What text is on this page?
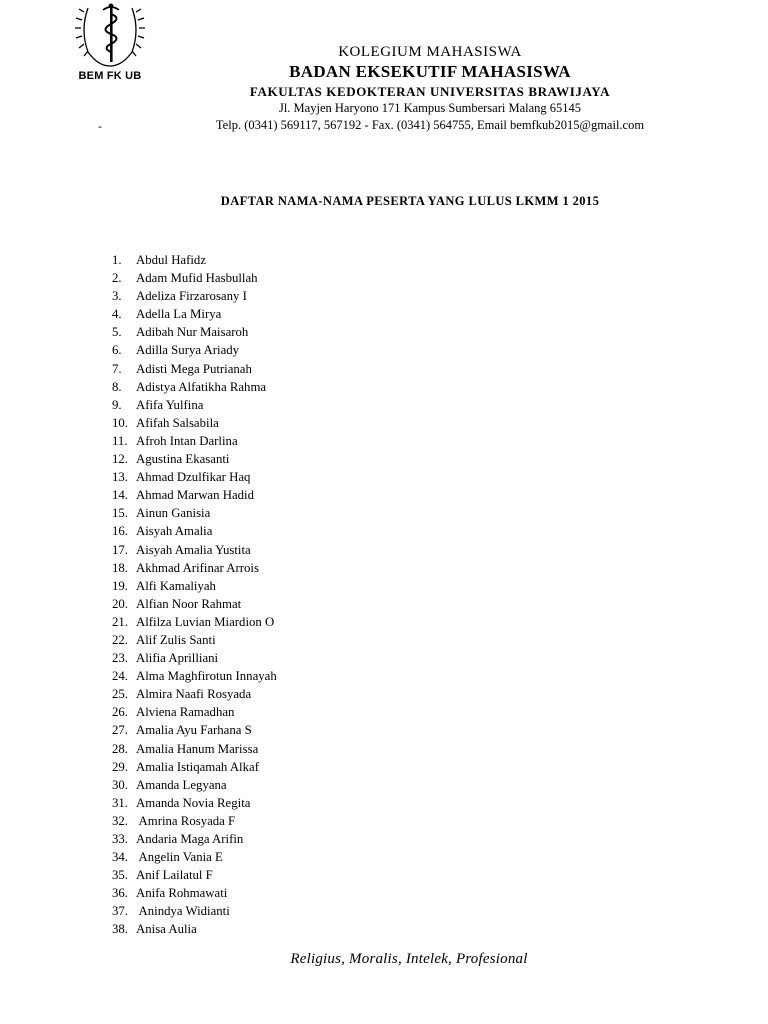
BEM FK UB
-
KOLEGIUM MAHASISWA
BADAN EKSEKUTIF MAHASISWA
FAKULTAS KEDOKTERAN UNIVERSITAS BRAWIJAYA
Jl. Mayjen Haryono 171 Kampus Sumbersari Malang 65145
Telp. (0341) 569117, 567192 - Fax. (0341) 564755, Email bemfkub2015@gmail.com
DAFTAR NAMA-NAMA PESERTA YANG LULUS LKMM 1 2015
1.	Abdul Hafidz
2.	Adam Mufid Hasbullah
3.	Adeliza Firzarosany I
4.	Adella La Mirya
5.	Adibah Nur Maisaroh
6.	Adilla Surya Ariady
7.	Adisti Mega Putrianah
8.	Adistya Alfatikha Rahma
9.	Afifa Yulfina
10. Afifah Salsabila
11. Afroh Intan Darlina
12. Agustina Ekasanti
13. Ahmad Dzulfikar Haq
14. Ahmad Marwan Hadid
15. Ainun Ganisia
16. Aisyah Amalia
17. Aisyah Amalia Yustita
18. Akhmad Arifinar Arrois
19. Alfi Kamaliyah
20. Alfian Noor Rahmat
21. Alfilza Luvian Miardion O
22. Alif Zulis Santi
23. Alifia Aprilliani
24. Alma Maghfirotun Innayah
25. Almira Naafi Rosyada
26. Alviena Ramadhan
27. Amalia Ayu Farhana S
28. Amalia Hanum Marissa
29. Amalia Istiqamah Alkaf
30. Amanda Legyana
31. Amanda Novia Regita
32. Amrina Rosyada F
33. Andaria Maga Arifin
34. Angelin Vania E
35. Anif Lailatul F
36. Anifa Rohmawati
37. Anindya Widianti
38. Anisa Aulia
Religius, Moralis, Intelek, Profesional
